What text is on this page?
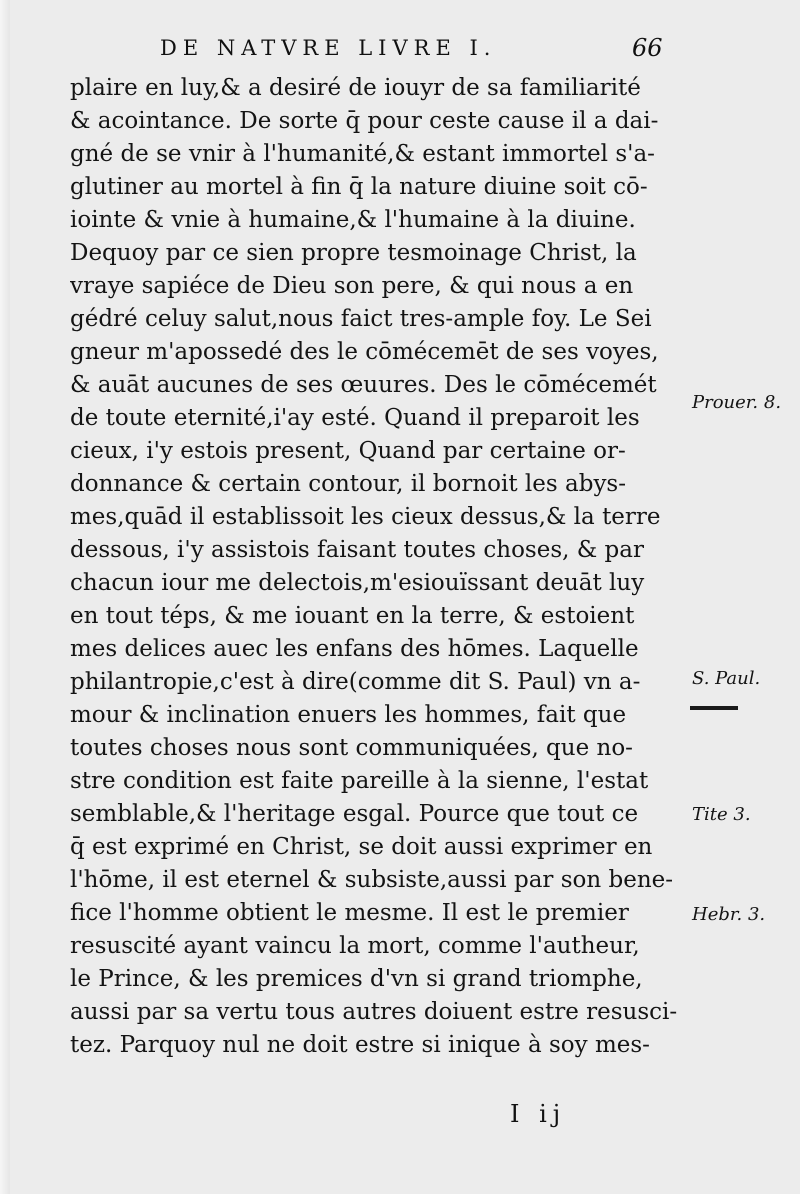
DE NATVRE LIVRE I.	66
plaire en luy,& a desiré de iouyr de sa familiarité
& acointance. De sorte q̄ pour ceste cause il a dai-
gné de se vnir à l'humanité,& estant immortel s'a-
glutiner au mortel à fin q̄ la nature diuine soit cō-
iointe & vnie à humaine,& l'humaine à la diuine.
Dequoy par ce sien propre tesmoinage Christ, la
vraye sapiéce de Dieu son pere, & qui nous a en
gédré celuy salut,nous faict tres-ample foy. Le Sei
gneur m'apossedé des le cōmécemēt de ses voyes,
& auāt aucunes de ses œuures. Des le cōmécemét
de toute eternité,i'ay esté. Quand il preparoit les
cieux, i'y estois present, Quand par certaine or-
donnance & certain contour, il bornoit les abys-
mes,quād il establissoit les cieux dessus,& la terre
dessous, i'y assistois faisant toutes choses, & par
chacun iour me delectois,m'esiouïssant deuāt luy
en tout téps, & me iouant en la terre, & estoient
mes delices auec les enfans des hōmes. Laquelle
philantropie,c'est à dire(comme dit S. Paul) vn a-
mour & inclination enuers les hommes, fait que
toutes choses nous sont communiquées, que no-
stre condition est faite pareille à la sienne, l'estat
semblable,& l'heritage esgal. Pource que tout ce
q̄ est exprimé en Christ, se doit aussi exprimer en
l'hōme, il est eternel & subsiste,aussi par son bene-
fice l'homme obtient le mesme. Il est le premier
resuscité ayant vaincu la mort, comme l'autheur,
le Prince, & les premices d'vn si grand triomphe,
aussi par sa vertu tous autres doiuent estre resusci-
tez. Parquoy nul ne doit estre si inique à soy mes-
Prouer. 8.
S. Paul.
Tite 3.
Hebr. 3.
I ij
